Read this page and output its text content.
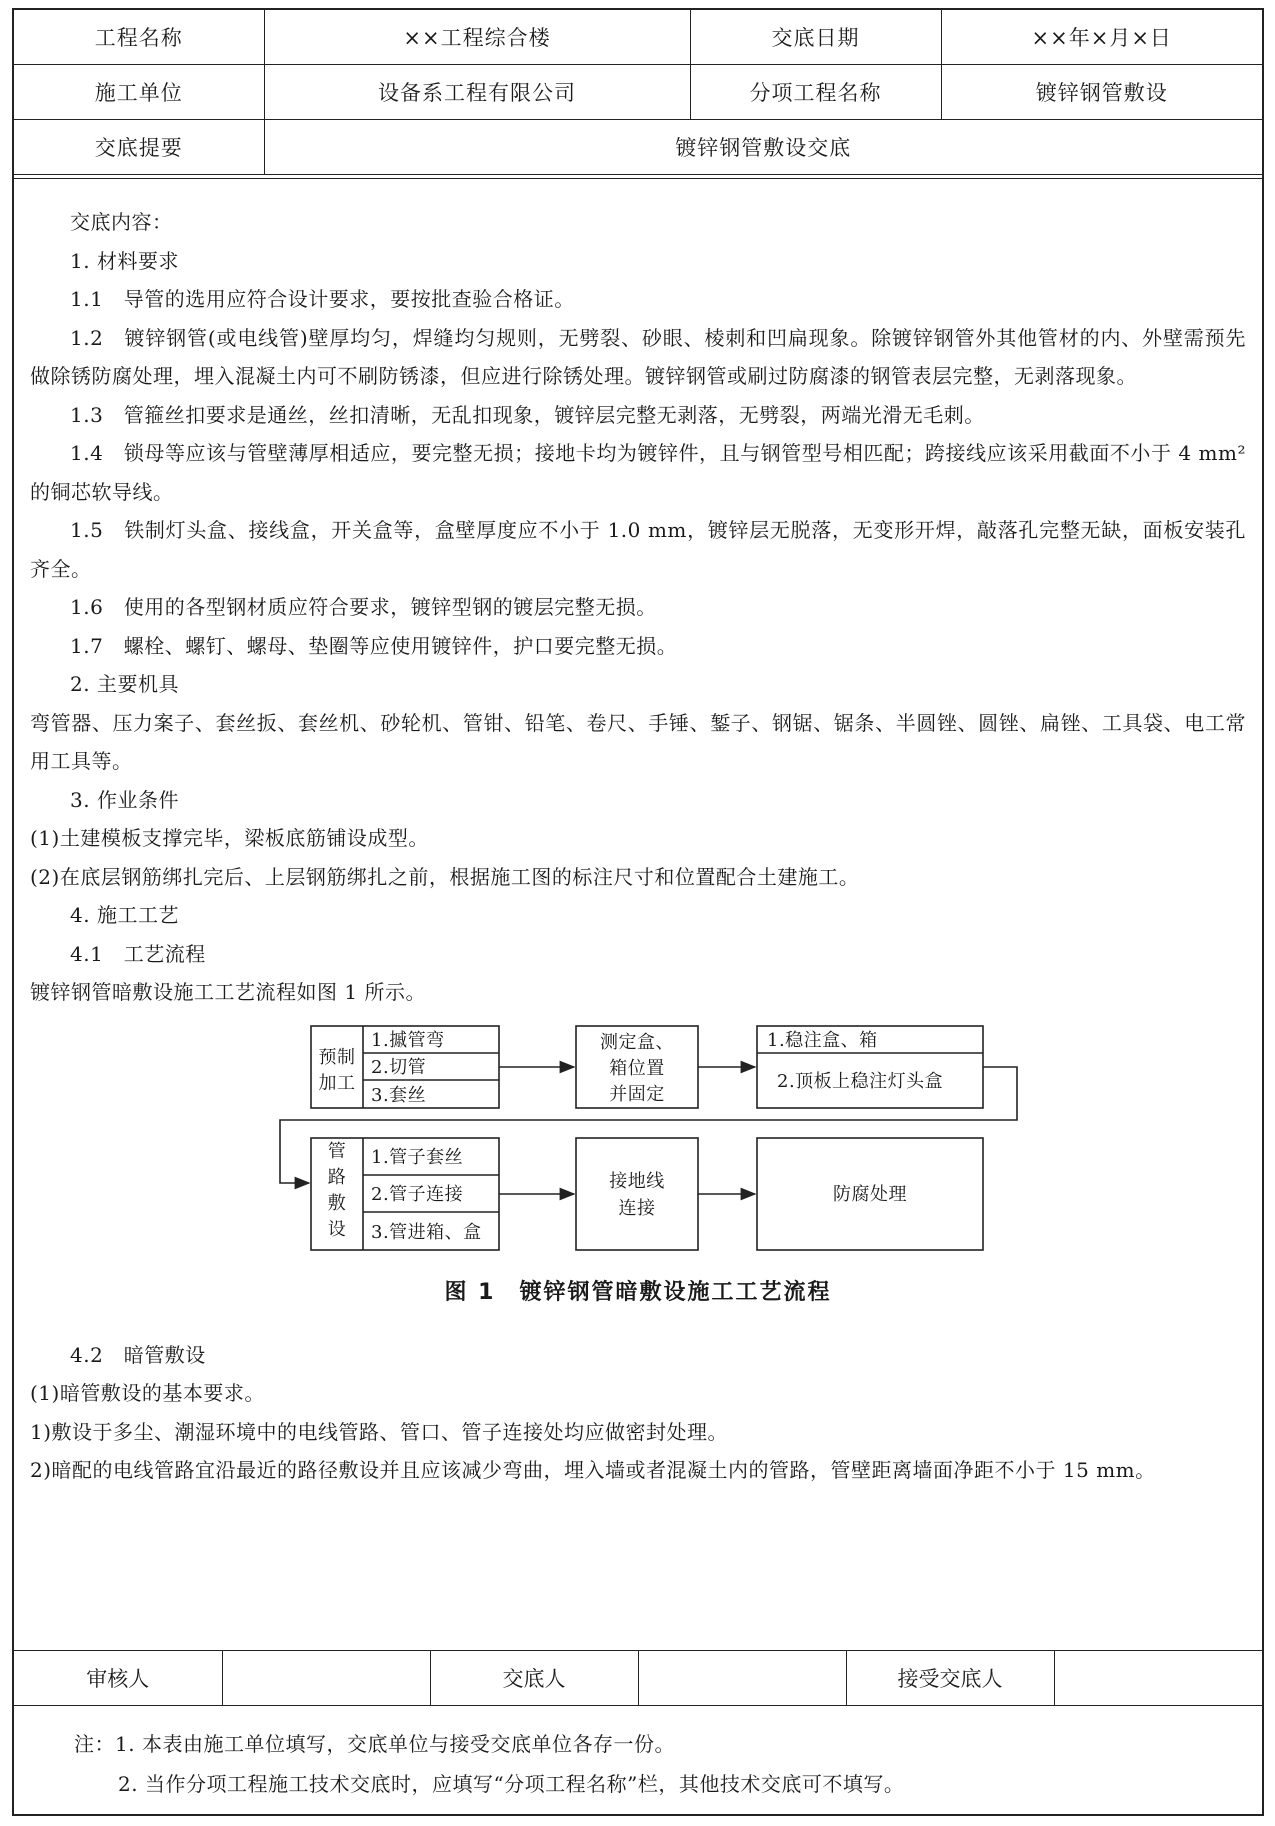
工程名称	××工程综合楼	交底日期	××年×月×日
施工单位	设备系工程有限公司	分项工程名称	镀锌钢管敷设
交底提要	镀锌钢管敷设交底		

交底内容：

1. 材料要求

1.1　导管的选用应符合设计要求，要按批查验合格证。

1.2　镀锌钢管(或电线管)壁厚均匀，焊缝均匀规则，无劈裂、砂眼、棱刺和凹扁现象。除镀锌钢管外其他管材的内、外壁需预先做除锈防腐处理，埋入混凝土内可不刷防锈漆，但应进行除锈处理。镀锌钢管或刷过防腐漆的钢管表层完整，无剥落现象。

1.3　管箍丝扣要求是通丝，丝扣清晰，无乱扣现象，镀锌层完整无剥落，无劈裂，两端光滑无毛刺。

1.4　锁母等应该与管壁薄厚相适应，要完整无损；接地卡均为镀锌件，且与钢管型号相匹配；跨接线应该采用截面不小于 4 mm² 的铜芯软导线。

1.5　铁制灯头盒、接线盒，开关盒等，盒壁厚度应不小于 1.0 mm，镀锌层无脱落，无变形开焊，敲落孔完整无缺，面板安装孔齐全。

1.6　使用的各型钢材质应符合要求，镀锌型钢的镀层完整无损。

1.7　螺栓、螺钉、螺母、垫圈等应使用镀锌件，护口要完整无损。

2. 主要机具

弯管器、压力案子、套丝扳、套丝机、砂轮机、管钳、铅笔、卷尺、手锤、錾子、钢锯、锯条、半圆锉、圆锉、扁锉、工具袋、电工常用工具等。

3. 作业条件

(1)土建模板支撑完毕，梁板底筋铺设成型。

(2)在底层钢筋绑扎完后、上层钢筋绑扎之前，根据施工图的标注尺寸和位置配合土建施工。

4. 施工工艺

4.1　工艺流程

镀锌钢管暗敷设施工工艺流程如图 1 所示。

预制
加工
1.摵管弯
2.切管
3.套丝
测定盒、
箱位置
并固定
1.稳注盒、箱
2.顶板上稳注灯头盒
管
路
敷
设
1.管子套丝
2.管子连接
3.管进箱、盒
接地线
连接
防腐处理
图 1　镀锌钢管暗敷设施工工艺流程

4.2　暗管敷设

(1)暗管敷设的基本要求。

1)敷设于多尘、潮湿环境中的电线管路、管口、管子连接处均应做密封处理。

2)暗配的电线管路宜沿最近的路径敷设并且应该减少弯曲，埋入墙或者混凝土内的管路，管壁距离墙面净距不小于 15 mm。

审核人		交底人		接受交底人	

注：1. 本表由施工单位填写，交底单位与接受交底单位各存一份。

2. 当作分项工程施工技术交底时，应填写“分项工程名称”栏，其他技术交底可不填写。
